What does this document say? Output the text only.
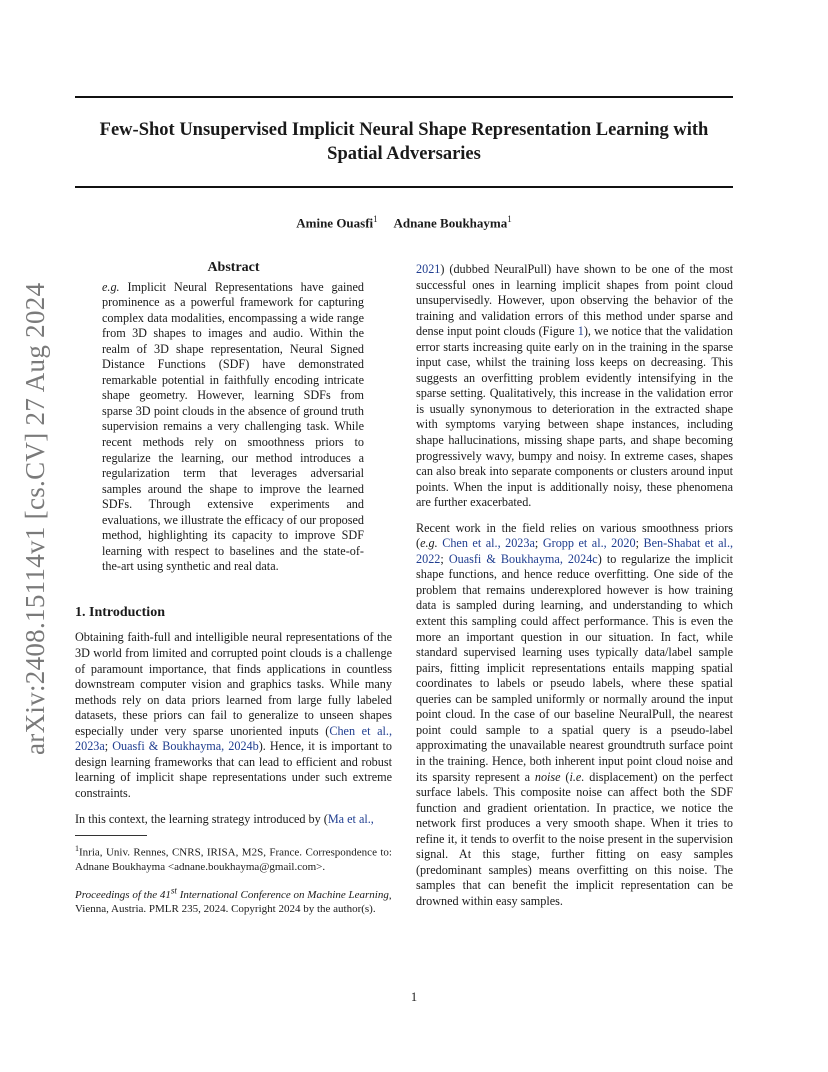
Few-Shot Unsupervised Implicit Neural Shape Representation Learning with
Spatial Adversaries
Amine Ouasfi$^1$ Adnane Boukhayma$^1$
arXiv:2408.15114v1 [cs.CV] 27 Aug 2024
Abstract
e.g. Implicit Neural Representations have gained prominence as a powerful framework for capturing complex data modalities, encompassing a wide range from 3D shapes to images and audio. Within the realm of 3D shape representation, Neural Signed Distance Functions (SDF) have demonstrated remarkable potential in faithfully encoding intricate shape geometry. However, learning SDFs from sparse 3D point clouds in the absence of ground truth supervision remains a very challenging task. While recent methods rely on smoothness priors to regularize the learning, our method introduces a regularization term that leverages adversarial samples around the shape to improve the learned SDFs. Through extensive experiments and evaluations, we illustrate the efficacy of our proposed method, highlighting its capacity to improve SDF learning with respect to baselines and the state-of-the-art using synthetic and real data.
1. Introduction

Obtaining faith-full and intelligible neural representations of the 3D world from limited and corrupted point clouds is a challenge of paramount importance, that finds applications in countless downstream computer vision and graphics tasks. While many methods rely on data priors learned from large fully labeled datasets, these priors can fail to generalize to unseen shapes especially under very sparse unoriented inputs (Chen et al., 2023a; Ouasfi & Boukhayma, 2024b). Hence, it is important to design learning frameworks that can lead to efficient and robust learning of implicit shape representations under such extreme constraints.

In this context, the learning strategy introduced by (Ma et al.,

$^1$Inria, Univ. Rennes, CNRS, IRISA, M2S, France. Correspondence to: Adnane Boukhayma <adnane.boukhayma@gmail.com>.
Proceedings of the 41st International Conference on Machine Learning, Vienna, Austria. PMLR 235, 2024. Copyright 2024 by the author(s).

2021) (dubbed NeuralPull) have shown to be one of the most successful ones in learning implicit shapes from point cloud unsupervisedly. However, upon observing the behavior of the training and validation errors of this method under sparse and dense input point clouds (Figure 1), we notice that the validation error starts increasing quite early on in the training in the sparse input case, whilst the training loss keeps on decreasing. This suggests an overfitting problem evidently intensifying in the sparse setting. Qualitatively, this increase in the validation error is usually synonymous to deterioration in the extracted shape with symptoms varying between shape instances, including shape hallucinations, missing shape parts, and shape becoming progressively wavy, bumpy and noisy. In extreme cases, shapes can also break into separate components or clusters around input points. When the input is additionally noisy, these phenomena are further exacerbated.

Recent work in the field relies on various smoothness priors (e.g. Chen et al., 2023a; Gropp et al., 2020; Ben-Shabat et al., 2022; Ouasfi & Boukhayma, 2024c) to regularize the implicit shape functions, and hence reduce overfitting. One side of the problem that remains underexplored however is how training data is sampled during learning, and understanding to which extent this sampling could affect performance. This is even the more an important question in our situation. In fact, while standard supervised learning uses typically data/label sample pairs, fitting implicit representations entails mapping spatial coordinates to labels or pseudo labels, where these spatial queries can be sampled uniformly or normally around the input point cloud. In the case of our baseline NeuralPull, the nearest point could sample to a spatial query is a pseudo-label approximating the unavailable nearest groundtruth surface point in the training. Hence, both inherent input point cloud noise and its sparsity represent a noise (i.e. displacement) on the perfect surface labels. This composite noise can affect both the SDF function and gradient orientation. In practice, we notice the network first produces a very smooth shape. When it tries to refine it, it tends to overfit to the noise present in the supervision signal. At this stage, further fitting on easy samples (predominant samples) means overfitting on this noise. The samples that can benefit the implicit representation can be drowned within easy samples.

1
